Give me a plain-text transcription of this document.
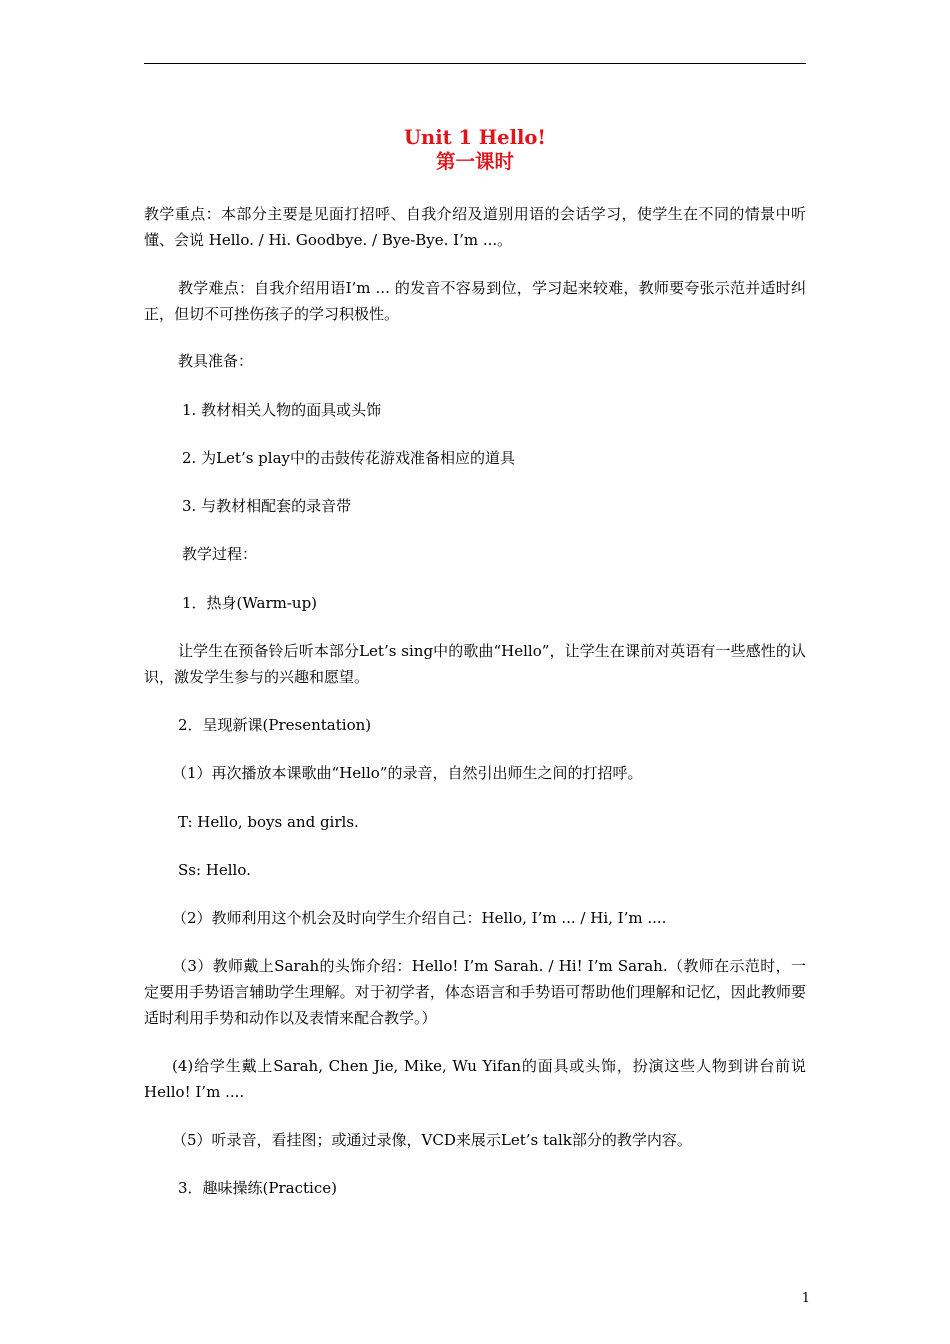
Unit 1 Hello!
第一课时
教学重点：本部分主要是见面打招呼、自我介绍及道别用语的会话学习，使学生在不同的情景中听懂、会说 Hello. / Hi. Goodbye. / Bye-Bye. I’m ...。
教学难点：自我介绍用语I’m ... 的发音不容易到位，学习起来较难，教师要夸张示范并适时纠正，但切不可挫伤孩子的学习积极性。
教具准备：
1. 教材相关人物的面具或头饰
2. 为Let’s play中的击鼓传花游戏准备相应的道具
3. 与教材相配套的录音带
教学过程：
1．热身(Warm-up)
让学生在预备铃后听本部分Let’s sing中的歌曲“Hello”，让学生在课前对英语有一些感性的认识，激发学生参与的兴趣和愿望。
2．呈现新课(Presentation)
（1）再次播放本课歌曲“Hello”的录音，自然引出师生之间的打招呼。
T: Hello, boys and girls.
Ss: Hello.
（2）教师利用这个机会及时向学生介绍自己：Hello, I’m ... / Hi, I’m ....
（3）教师戴上Sarah的头饰介绍：Hello! I’m Sarah. / Hi! I’m Sarah.（教师在示范时，一定要用手势语言辅助学生理解。对于初学者，体态语言和手势语可帮助他们理解和记忆，因此教师要适时利用手势和动作以及表情来配合教学。）
(4)给学生戴上Sarah, Chen Jie, Mike, Wu Yifan的面具或头饰，扮演这些人物到讲台前说Hello! I’m ....
（5）听录音，看挂图；或通过录像，VCD来展示Let’s talk部分的教学内容。
3．趣味操练(Practice)
1
